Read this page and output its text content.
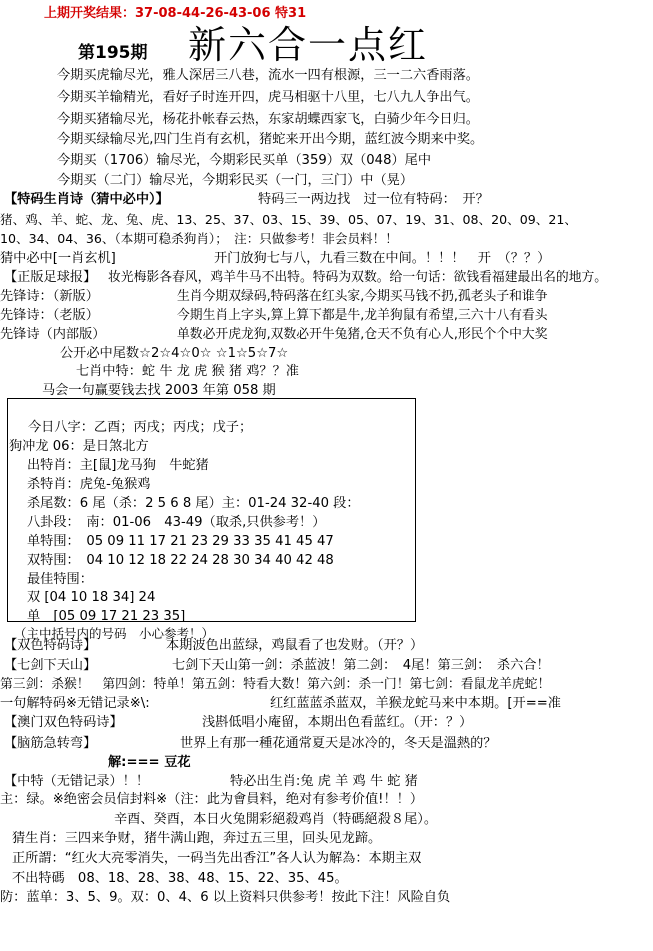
上期开奖结果：37-08-44-26-43-06 特31
第195期 新六合一点红
今期买虎输尽光，雅人深居三八巷，流水一四有根源，三一二六香雨落。
今期买羊输精光，看好子时连开四，虎马相驱十八里，七八九人争出气。
今期买猪输尽光，杨花扑帐春云热，东家胡蝶西家飞，白骑少年今日归。
今期买绿输尽光,四门生肖有玄机，猪蛇来开出今期，蓝红波今期来中奖。
今期买（1706）输尽光，今期彩民买单（359）双（048）尾中
今期买（二门）输尽光，今期彩民买（一门，三门）中（晃）
【特码生肖诗（猜中必中）】	特码三一两边找　过一位有特码：　开？
猪、鸡、羊、蛇、龙、兔、虎、13、25、37、03、15、39、05、07、19、31、08、20、09、21、
10、34、04、36、（本期可稳杀狗肖）；　注：只做参考！非会员料！！
猜中必中[一肖玄机]	开门放狗七与八，九看三数在中间。！！！　开　（？？）
【正版足球报】 妆光梅影各春风，鸡羊牛马不出特。特码为双数。给一句话：欲钱看福建最出名的地方。
先锋诗：（新版）	生肖今期双绿码,特码落在红头家,今期买马钱不扔,孤老头子和谁争
先锋诗：（老版）	今期生肖上字头,算上算下都是牛,龙羊狗鼠有希望,三六十八有看头
先锋诗（内部版）	单数必开虎龙狗,双数必开牛兔猪,仓天不负有心人,形民个个中大奖
公开必中尾数☆2☆4☆0☆ ☆1☆5☆7☆
七肖中特：蛇 牛 龙 虎 猴 猪 鸡？？准
马会一句赢要钱去找 2003 年第 058 期
今日八字：乙酉；丙戌；丙戌；戊子；
狗冲龙 06：是日煞北方
出特肖：主[鼠]龙马狗　牛蛇猪
杀特肖：虎兔-兔猴鸡
杀尾数：6 尾（杀：2 5 6 8 尾）主：01-24 32-40 段：
八卦段：　南：01-06　43-49（取杀,只供参考！）
单特围：　05 09 11 17 21 23 29 33 35 41 45 47
双特围：　04 10 12 18 22 24 28 30 34 40 42 48
最佳特围：
双 [04 10 18 34] 24
单　[05 09 17 21 23 35]
（主中括号内的号码　小心参考！）
【双色特码诗】	本期波色出蓝绿，鸡鼠看了也发财。（开？）
【七剑下天山】	七剑下天山第一剑：杀蓝波！第二剑：　4尾！第三剑：　杀六合！
第三剑：杀猴！　第四剑：特单！第五剑：特看大数！第六剑：杀一门！第七剑：看鼠龙羊虎蛇！
一句解特码※无错记录※\:	红红蓝蓝杀蓝双，羊猴龙蛇马来中本期。[开==准
【澳门双色特码诗】	浅斟低唱小庵留，本期出色看蓝红。（开：？）
【脑筋急转弯】	世界上有那一種花通常夏天是冰冷的，冬天是溫熱的？
解:=== 豆花
【中特（无错记录）！！	特必出生肖:兔 虎 羊 鸡 牛 蛇 猪
主：绿。※绝密会员信封料※（注：此为會員料，绝对有参考价值!！！）
辛酉、癸酉，本日火兔開彩絕殺鸡肖（特碼絕殺８尾）。
猜生肖：三四来争财，猪牛满山跑，奔过五三里，回头见龙蹄。
正所謂：“红火大亮零消失，一码当先出香江”各人认为解為：本期主双
不出特碼　08、18、28、38、48、15、22、35、45。
防：蓝单：3、5、9。双：0、4、6 以上资料只供参考！按此下注！风险自负
